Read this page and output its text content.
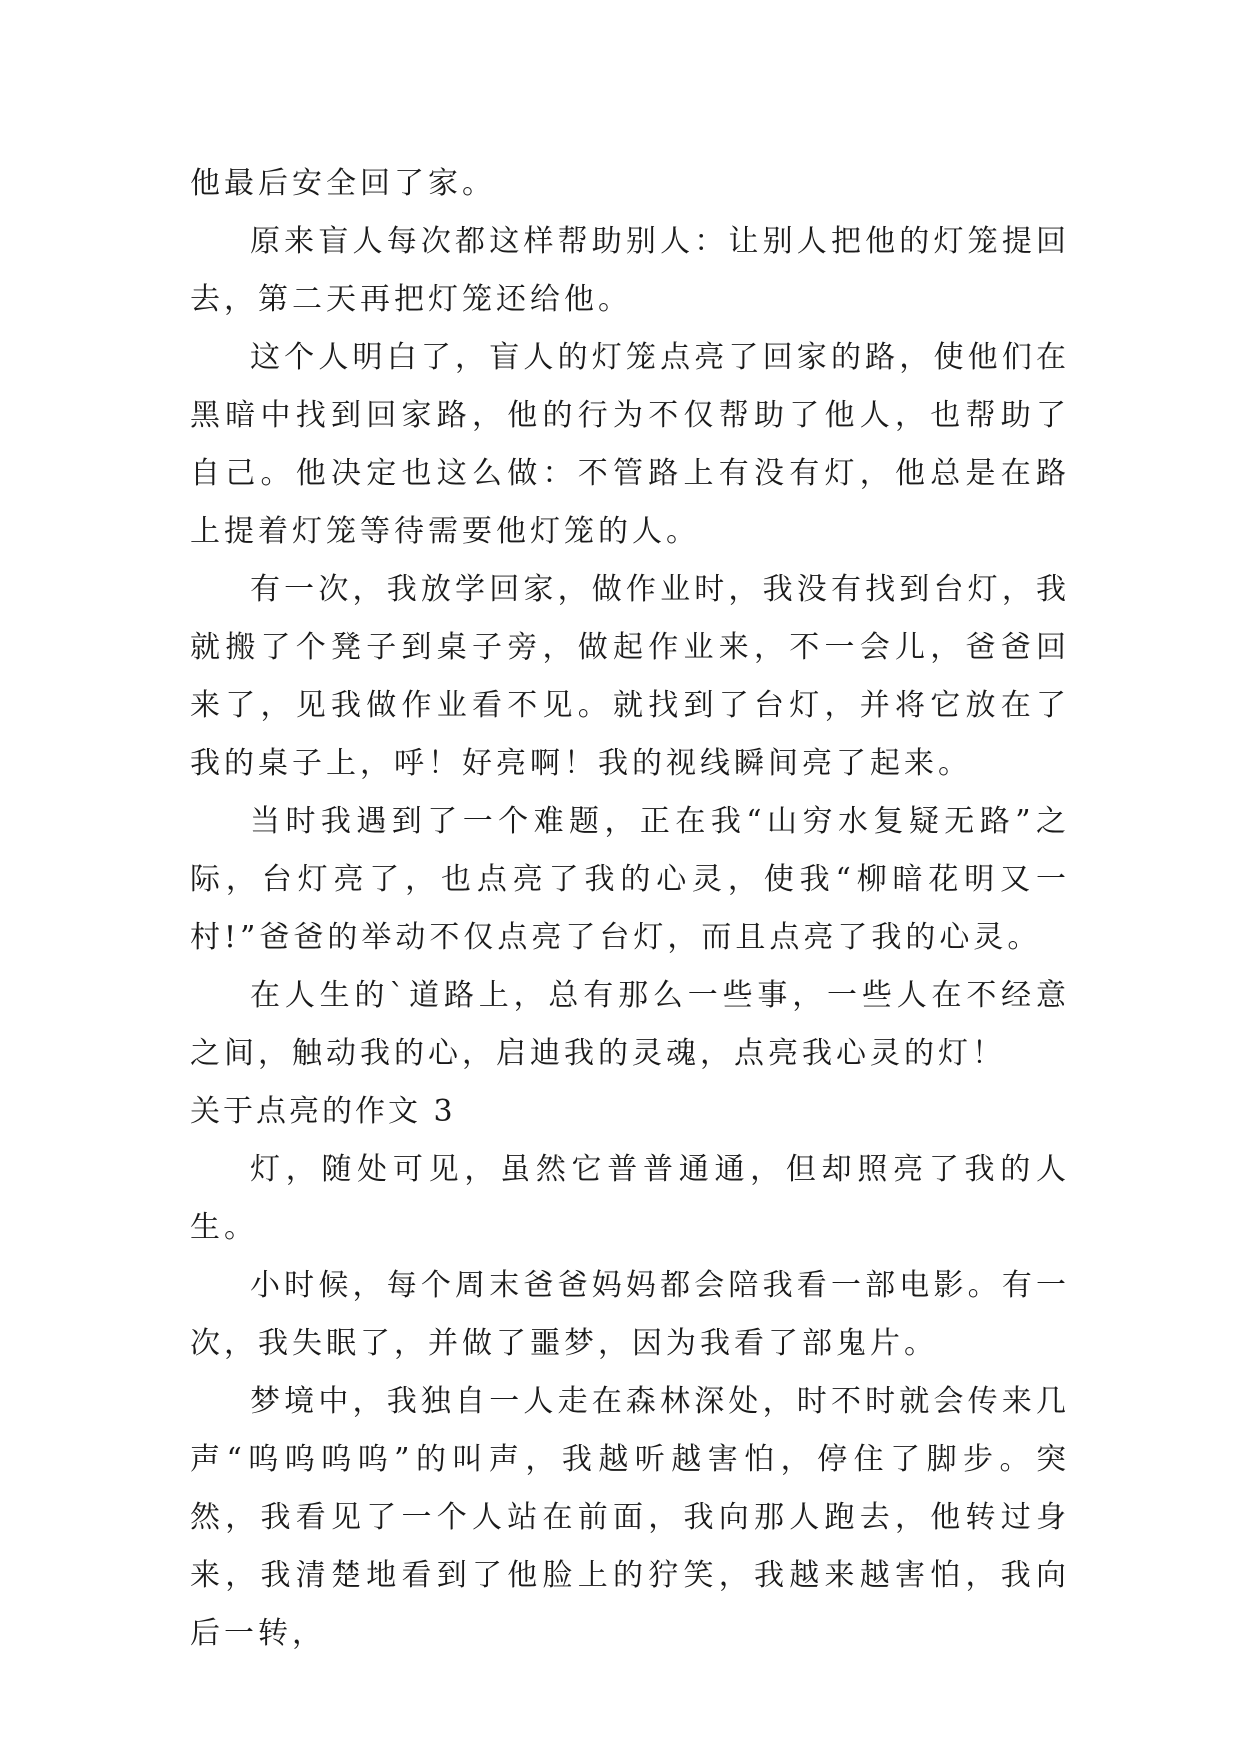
他最后安全回了家。

原来盲人每次都这样帮助别人：让别人把他的灯笼提回去，第二天再把灯笼还给他。

这个人明白了，盲人的灯笼点亮了回家的路，使他们在黑暗中找到回家路，他的行为不仅帮助了他人，也帮助了自己。他决定也这么做：不管路上有没有灯，他总是在路上提着灯笼等待需要他灯笼的人。

有一次，我放学回家，做作业时，我没有找到台灯，我就搬了个凳子到桌子旁，做起作业来，不一会儿，爸爸回来了，见我做作业看不见。就找到了台灯，并将它放在了我的桌子上，呼！好亮啊！我的视线瞬间亮了起来。

当时我遇到了一个难题，正在我“山穷水复疑无路”之际，台灯亮了，也点亮了我的心灵，使我“柳暗花明又一村!”爸爸的举动不仅点亮了台灯，而且点亮了我的心灵。

在人生的`道路上，总有那么一些事，一些人在不经意之间，触动我的心，启迪我的灵魂，点亮我心灵的灯！

关于点亮的作文 3

灯，随处可见，虽然它普普通通，但却照亮了我的人生。

小时候，每个周末爸爸妈妈都会陪我看一部电影。有一次，我失眠了，并做了噩梦，因为我看了部鬼片。

梦境中，我独自一人走在森林深处，时不时就会传来几声“呜呜呜呜”的叫声，我越听越害怕，停住了脚步。突然，我看见了一个人站在前面，我向那人跑去，他转过身来，我清楚地看到了他脸上的狞笑，我越来越害怕，我向后一转，
